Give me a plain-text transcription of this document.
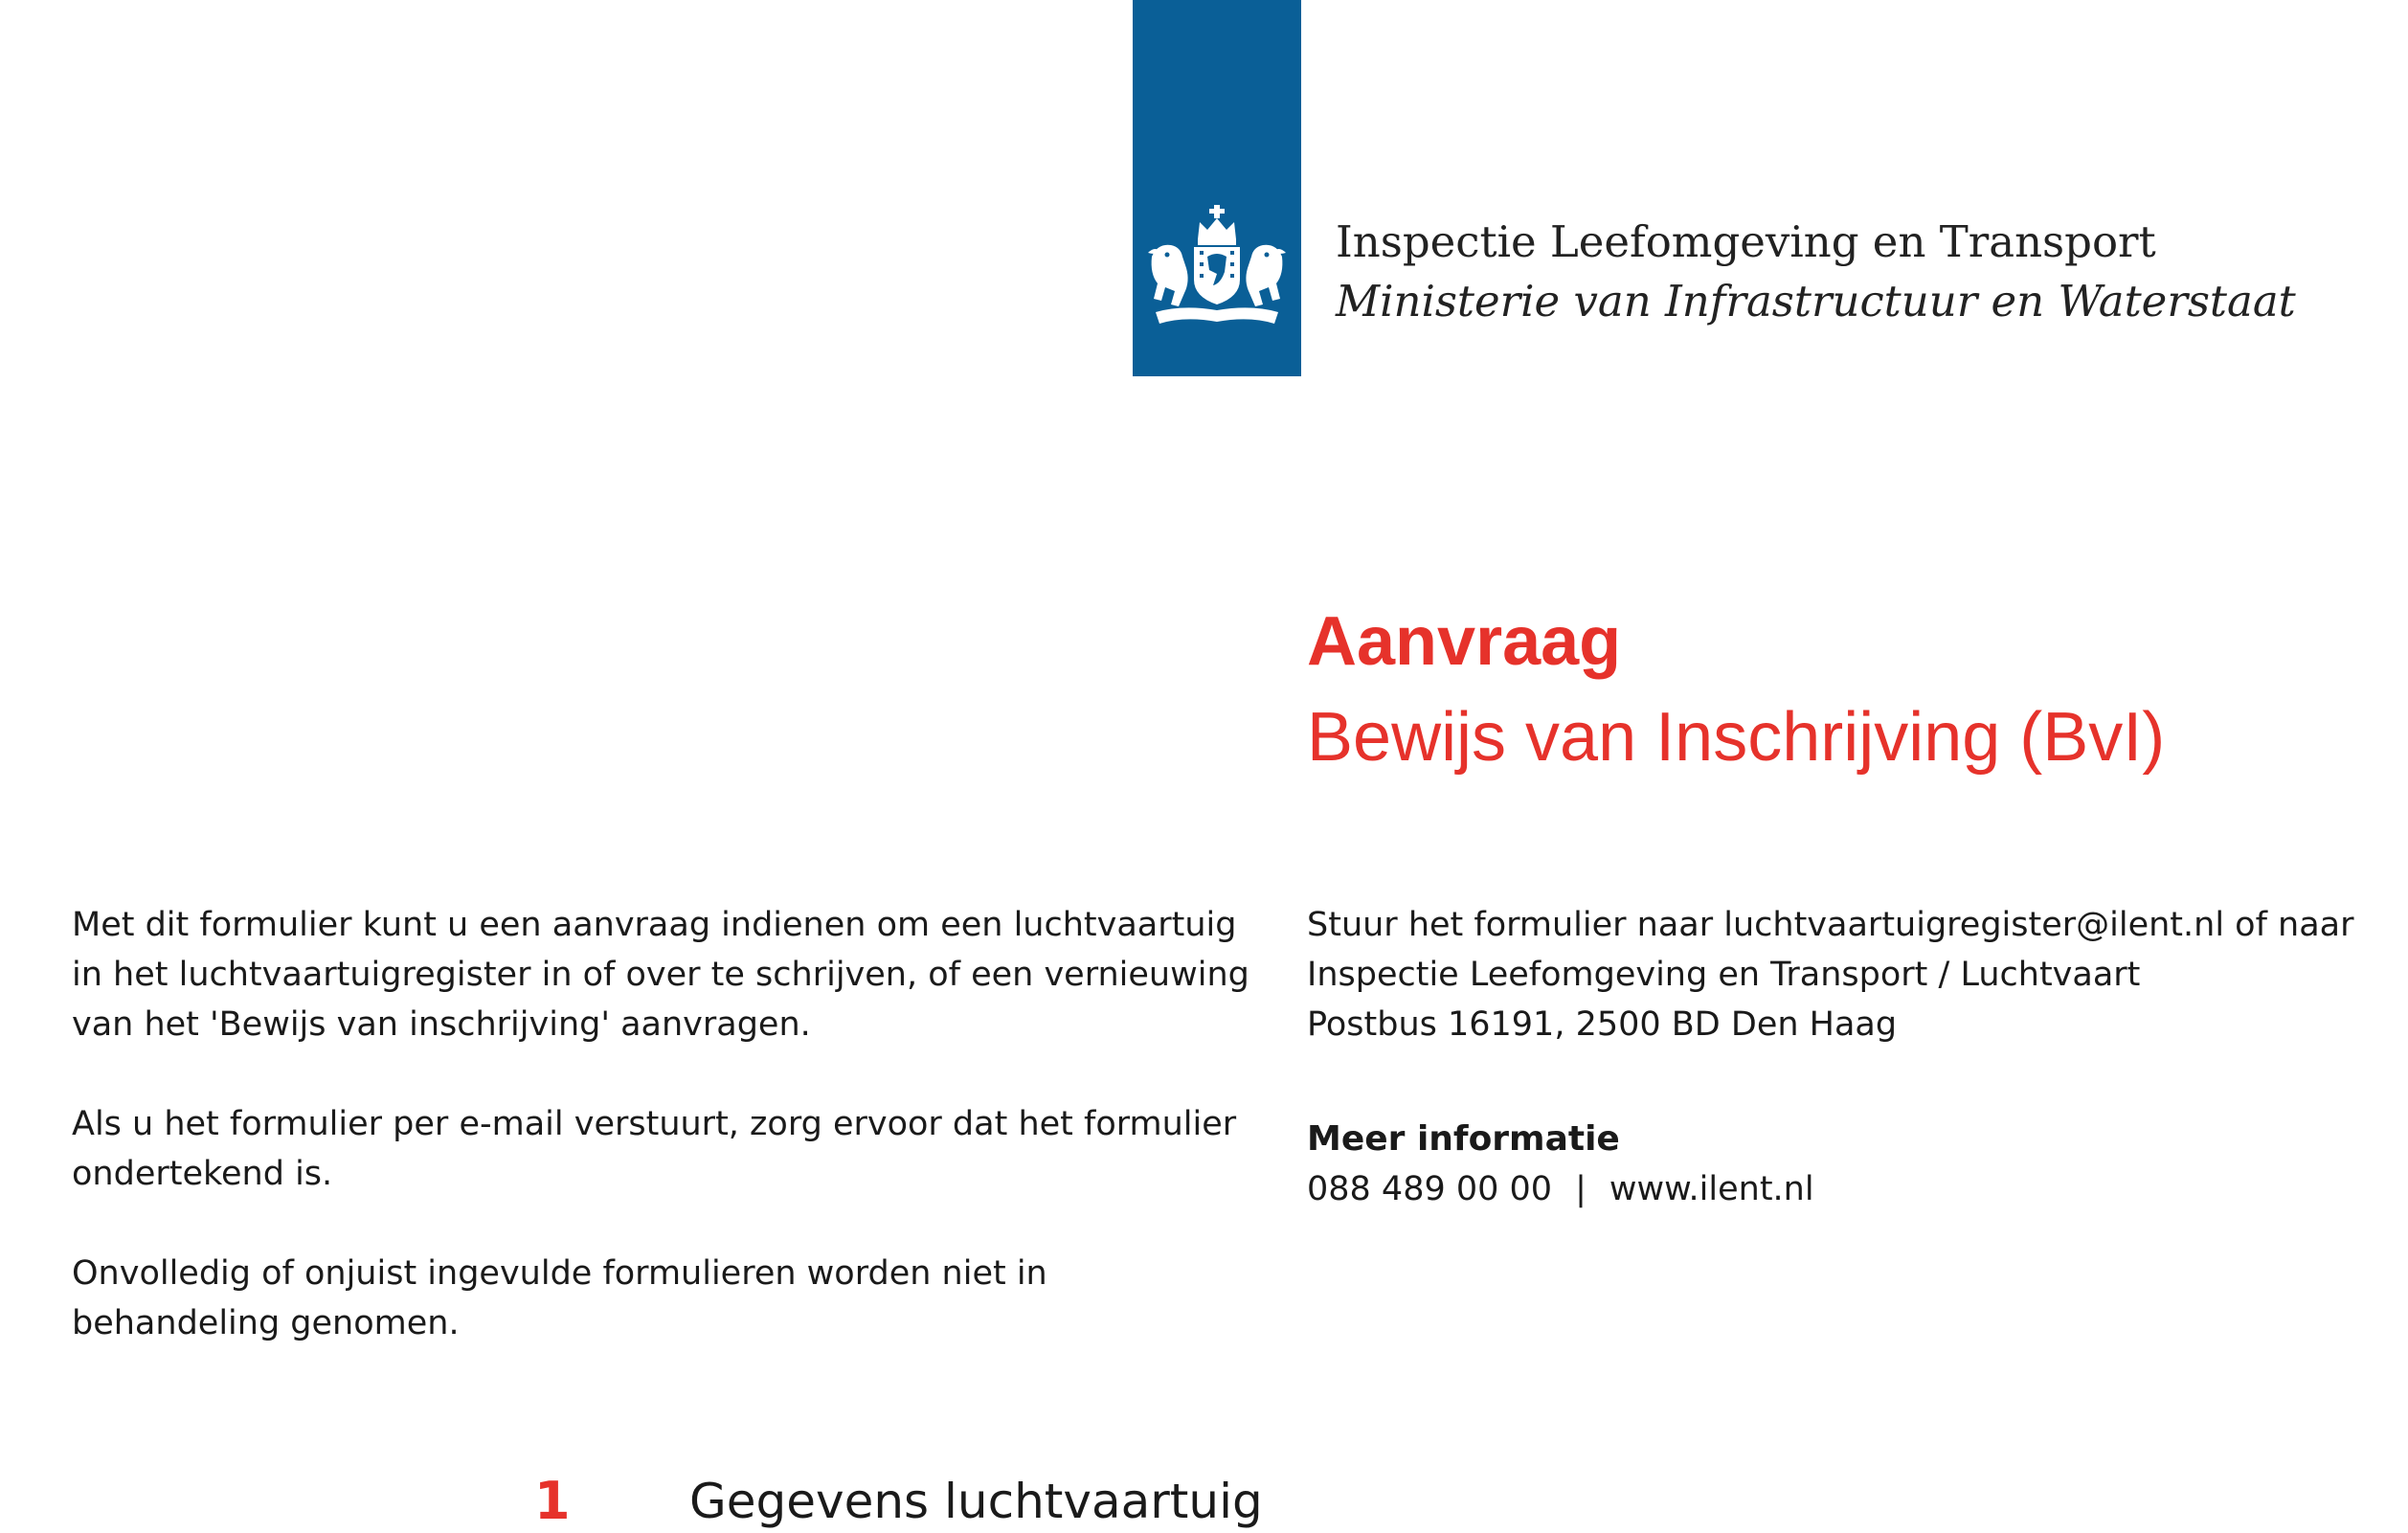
Inspectie Leefomgeving en Transport
Ministerie van Infrastructuur en Waterstaat
Aanvraag
Bewijs van Inschrijving (BvI)

Met dit formulier kunt u een aanvraag indienen om een luchtvaartuig in het luchtvaartuigregister in of over te schrijven, of een vernieuwing van het 'Bewijs van inschrijving' aanvragen.

Als u het formulier per e-mail verstuurt, zorg ervoor dat het formulier ondertekend is.

Onvolledig of onjuist ingevulde formulieren worden niet in behandeling genomen.

Stuur het formulier naar luchtvaartuigregister@ilent.nl of naar

Inspectie Leefomgeving en Transport / Luchtvaart

Postbus 16191, 2500 BD Den Haag

Meer informatie

088 489 00 00 | www.ilent.nl

1 Gegevens luchtvaartuig
